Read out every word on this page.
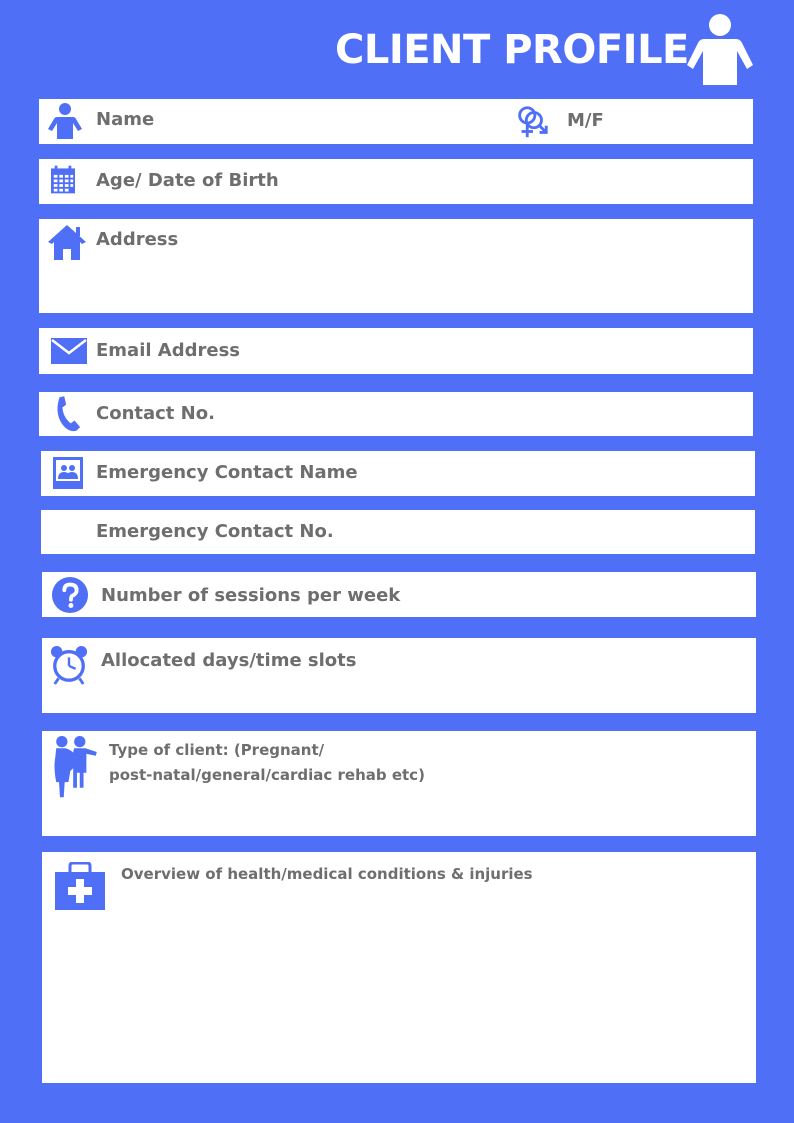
CLIENT PROFILE
Name	M/F
Age/ Date of Birth
Address
Email Address
Contact No.
Emergency Contact Name
Emergency Contact No.
Number of sessions per week
Allocated days/time slots
Type of client: (Pregnant/
post-natal/general/cardiac rehab etc)
Overview of health/medical conditions & injuries
